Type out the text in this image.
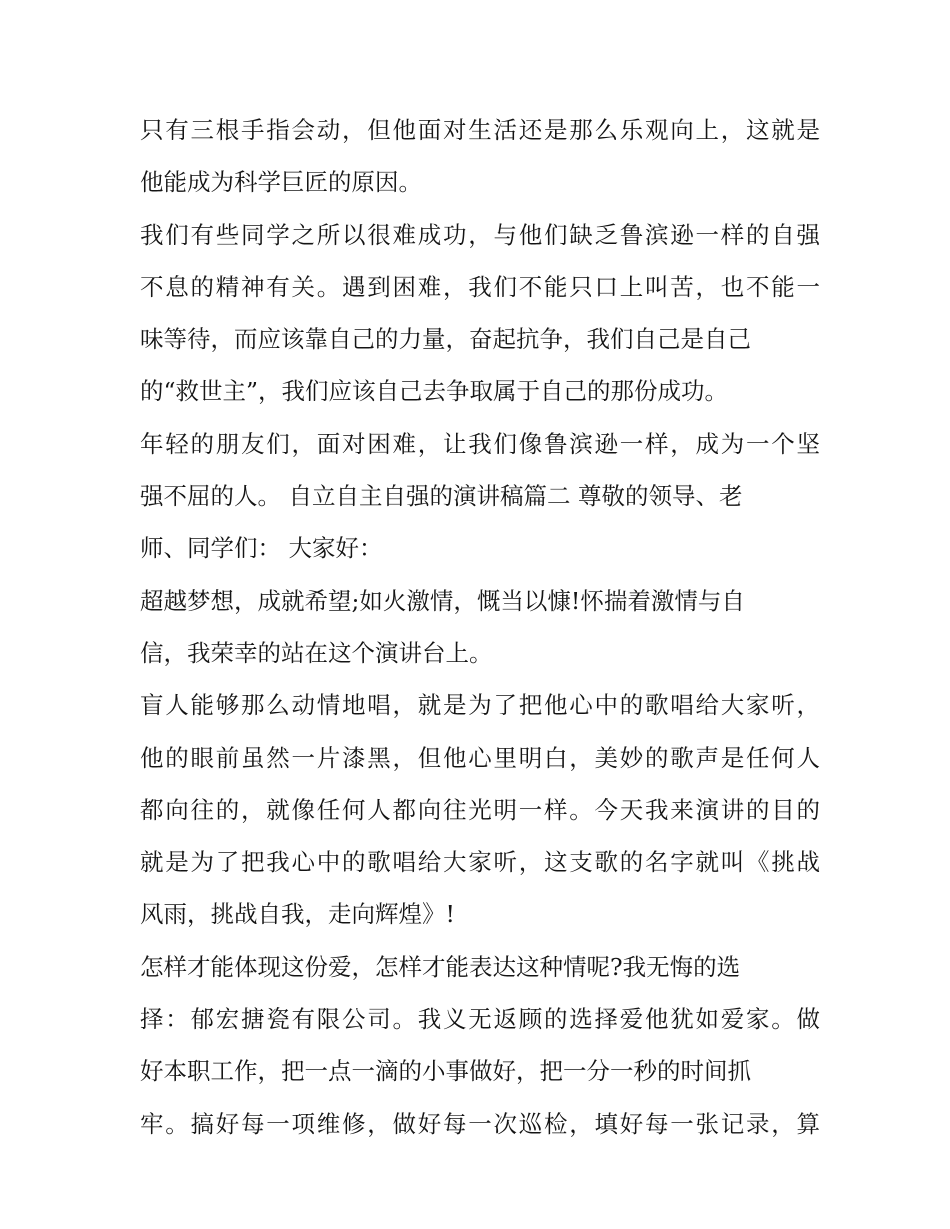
只有三根手指会动，但他面对生活还是那么乐观向上，这就是
他能成为科学巨匠的原因。
我们有些同学之所以很难成功，与他们缺乏鲁滨逊一样的自强
不息的精神有关。遇到困难，我们不能只口上叫苦，也不能一
味等待，而应该靠自己的力量，奋起抗争，我们自己是自己
的“救世主”，我们应该自己去争取属于自己的那份成功。
年轻的朋友们，面对困难，让我们像鲁滨逊一样，成为一个坚
强不屈的人。 自立自主自强的演讲稿篇二 尊敬的领导、老
师、同学们： 大家好：
超越梦想，成就希望;如火激情，慨当以慷!怀揣着激情与自
信，我荣幸的站在这个演讲台上。
盲人能够那么动情地唱，就是为了把他心中的歌唱给大家听，
他的眼前虽然一片漆黑，但他心里明白，美妙的歌声是任何人
都向往的，就像任何人都向往光明一样。今天我来演讲的目的
就是为了把我心中的歌唱给大家听，这支歌的名字就叫《挑战
风雨，挑战自我，走向辉煌》!
怎样才能体现这份爱，怎样才能表达这种情呢?我无悔的选
择：郁宏搪瓷有限公司。我义无返顾的选择爱他犹如爱家。做
好本职工作，把一点一滴的小事做好，把一分一秒的时间抓
牢。搞好每一项维修，做好每一次巡检，填好每一张记录，算
